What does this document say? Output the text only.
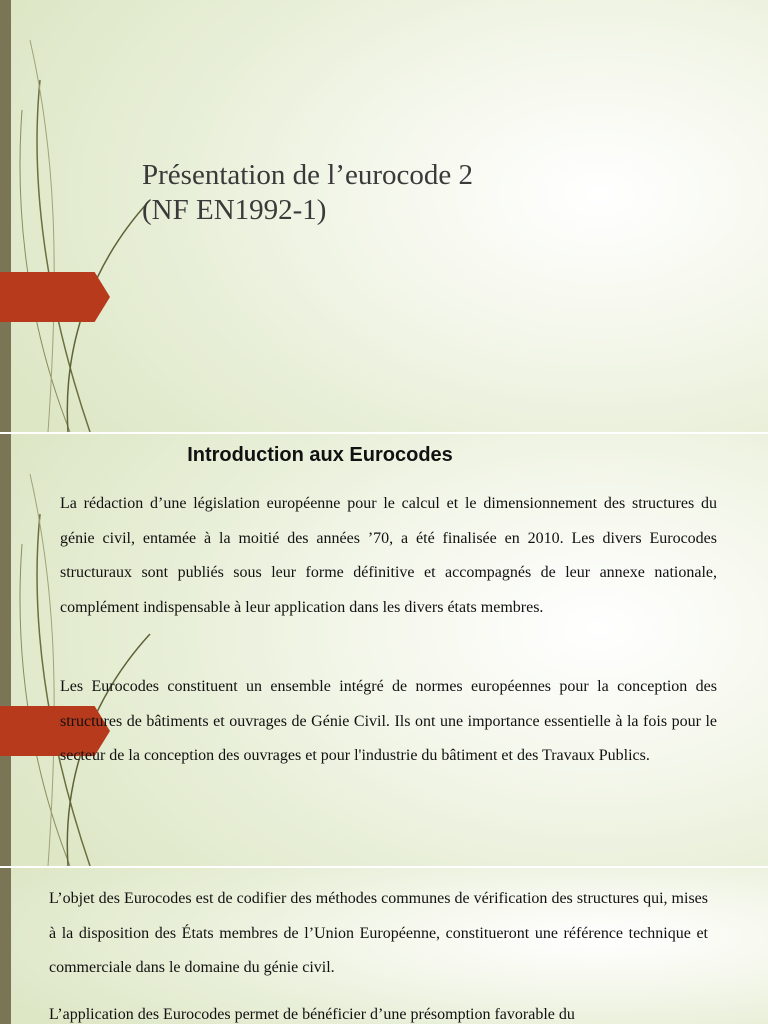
Présentation de l’eurocode 2
(NF EN1992-1)
Introduction aux Eurocodes

La rédaction d’une législation européenne pour le calcul et le dimensionnement des structures du génie civil, entamée à la moitié des années ’70, a été finalisée en 2010. Les divers Eurocodes structuraux sont publiés sous leur forme définitive et accompagnés de leur annexe nationale, complément indispensable à leur application dans les divers états membres.

Les Eurocodes constituent un ensemble intégré de normes européennes pour la conception des structures de bâtiments et ouvrages de Génie Civil. Ils ont une importance essentielle à la fois pour le secteur de la conception des ouvrages et pour l'industrie du bâtiment et des Travaux Publics.

L’objet des Eurocodes est de codifier des méthodes communes de vérification des structures qui, mises à la disposition des États membres de l’Union Européenne, constitueront une référence technique et commerciale dans le domaine du génie civil.

L’application des Eurocodes permet de bénéficier d’une présomption favorable du
